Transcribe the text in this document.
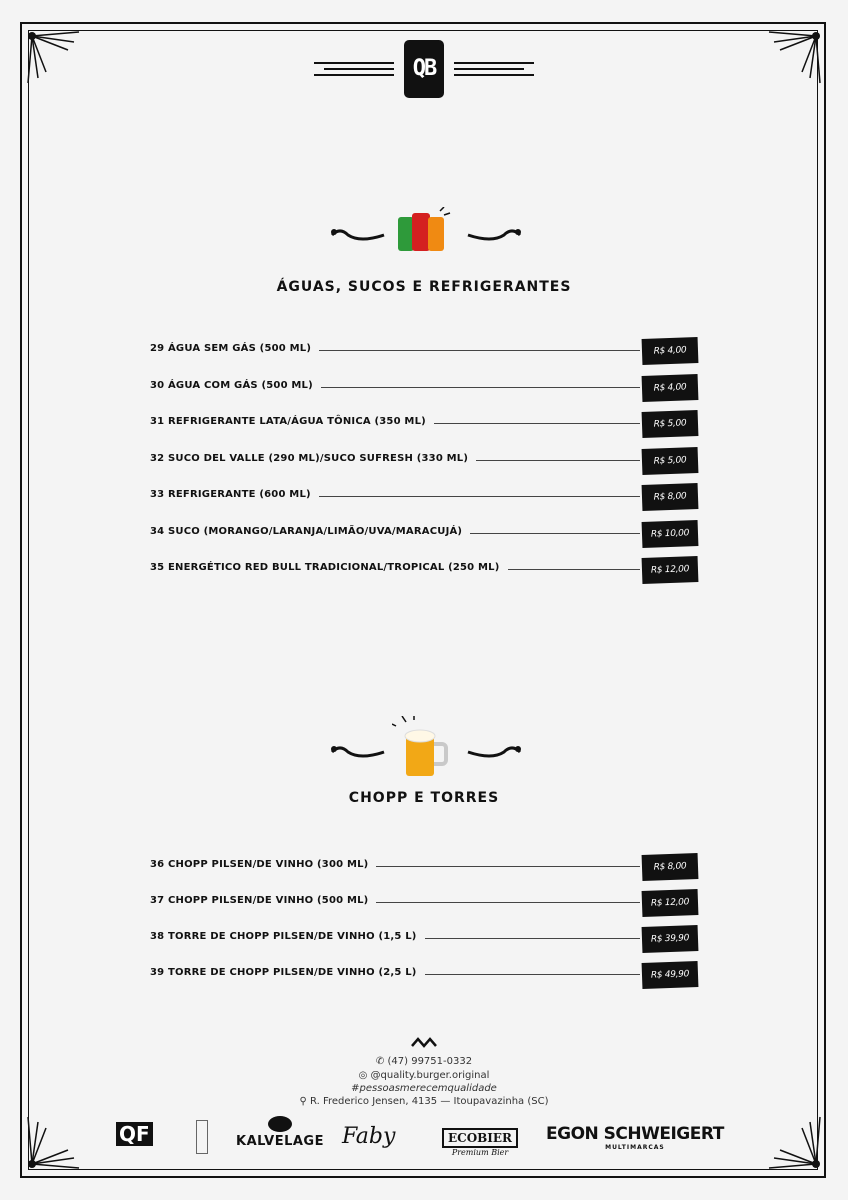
QB
ÁGUAS, SUCOS E REFRIGERANTES
29 ÁGUA SEM GÁS (500 ML)	R$ 4,00
30 ÁGUA COM GÁS (500 ML)	R$ 4,00
31 REFRIGERANTE LATA/ÁGUA TÔNICA (350 ML)	R$ 5,00
32 SUCO DEL VALLE (290 ML)/SUCO SUFRESH (330 ML)	R$ 5,00
33 REFRIGERANTE (600 ML)	R$ 8,00
34 SUCO (MORANGO/LARANJA/LIMÃO/UVA/MARACUJÁ)	R$ 10,00
35 ENERGÉTICO RED BULL TRADICIONAL/TROPICAL (250 ML)	R$ 12,00
CHOPP E TORRES
36 CHOPP PILSEN/DE VINHO (300 ML)	R$ 8,00
37 CHOPP PILSEN/DE VINHO (500 ML)	R$ 12,00
38 TORRE DE CHOPP PILSEN/DE VINHO (1,5 L)	R$ 39,90
39 TORRE DE CHOPP PILSEN/DE VINHO (2,5 L)	R$ 49,90
✆ (47) 99751-0332
◎ @quality.burger.original
#pessoasmerecemqualidade
⚲ R. Frederico Jensen, 4135 — Itoupavazinha (SC)
QF	KALVELAGE Faby	ECOBIER
Premium Bier
EGON SCHWEIGERT
MULTIMARCAS
